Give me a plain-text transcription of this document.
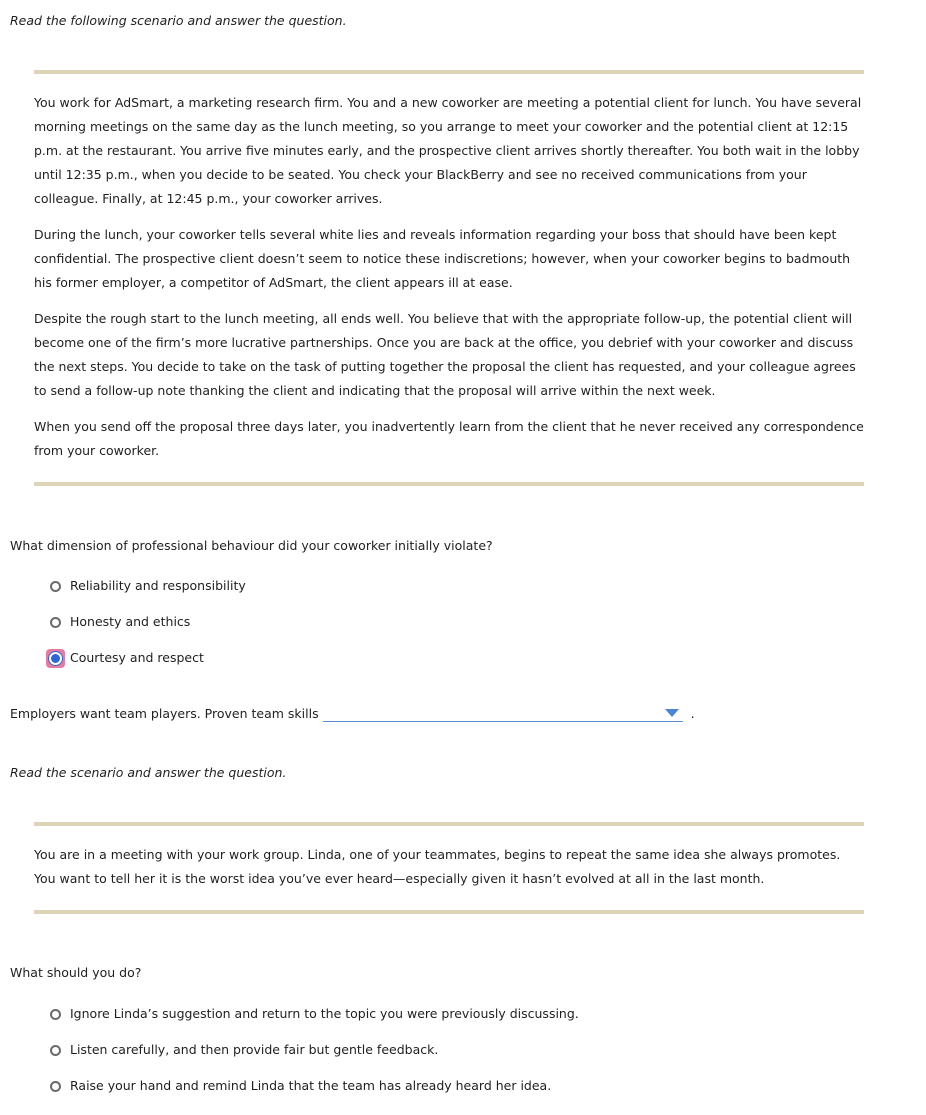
Read the following scenario and answer the question.

You work for AdSmart, a marketing research firm. You and a new coworker are meeting a potential client for lunch. You have several morning meetings on the same day as the lunch meeting, so you arrange to meet your coworker and the potential client at 12:15 p.m. at the restaurant. You arrive five minutes early, and the prospective client arrives shortly thereafter. You both wait in the lobby until 12:35 p.m., when you decide to be seated. You check your BlackBerry and see no received communications from your colleague. Finally, at 12:45 p.m., your coworker arrives.

During the lunch, your coworker tells several white lies and reveals information regarding your boss that should have been kept confidential. The prospective client doesn’t seem to notice these indiscretions; however, when your coworker begins to badmouth his former employer, a competitor of AdSmart, the client appears ill at ease.

Despite the rough start to the lunch meeting, all ends well. You believe that with the appropriate follow-up, the potential client will become one of the firm’s more lucrative partnerships. Once you are back at the office, you debrief with your coworker and discuss the next steps. You decide to take on the task of putting together the proposal the client has requested, and your colleague agrees to send a follow-up note thanking the client and indicating that the proposal will arrive within the next week.

When you send off the proposal three days later, you inadvertently learn from the client that he never received any correspondence from your coworker.

What dimension of professional behaviour did your coworker initially violate?
Reliability and responsibility
Honesty and ethics
Courtesy and respect
Employers want team players. Proven team skills	.
Read the scenario and answer the question.

You are in a meeting with your work group. Linda, one of your teammates, begins to repeat the same idea she always promotes. You want to tell her it is the worst idea you’ve ever heard—especially given it hasn’t evolved at all in the last month.

What should you do?
Ignore Linda’s suggestion and return to the topic you were previously discussing.
Listen carefully, and then provide fair but gentle feedback.
Raise your hand and remind Linda that the team has already heard her idea.
